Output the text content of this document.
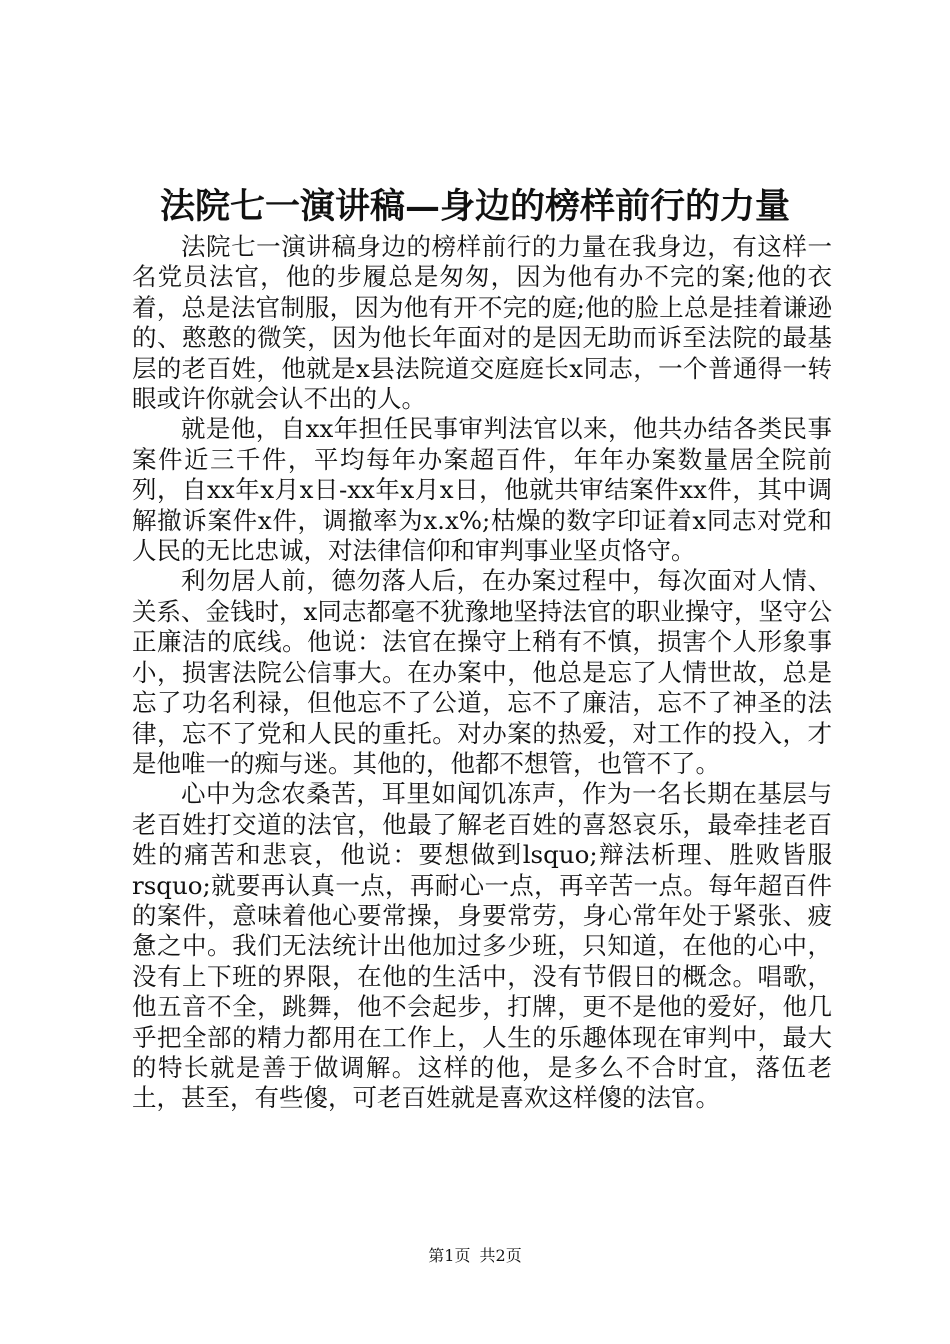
法院七一演讲稿—身边的榜样前行的力量

法院七一演讲稿身边的榜样前行的力量在我身边，有这样一名党员法官，他的步履总是匆匆，因为他有办不完的案;他的衣着，总是法官制服，因为他有开不完的庭;他的脸上总是挂着谦逊的、憨憨的微笑，因为他长年面对的是因无助而诉至法院的最基层的老百姓，他就是x县法院道交庭庭长x同志，一个普通得一转眼或许你就会认不出的人。

就是他，自xx年担任民事审判法官以来，他共办结各类民事案件近三千件，平均每年办案超百件，年年办案数量居全院前列，自xx年x月x日-xx年x月x日，他就共审结案件xx件，其中调解撤诉案件x件，调撤率为x.x%;枯燥的数字印证着x同志对党和人民的无比忠诚，对法律信仰和审判事业坚贞恪守。

利勿居人前，德勿落人后，在办案过程中，每次面对人情、关系、金钱时，x同志都毫不犹豫地坚持法官的职业操守，坚守公正廉洁的底线。他说：法官在操守上稍有不慎，损害个人形象事小，损害法院公信事大。在办案中，他总是忘了人情世故，总是忘了功名利禄，但他忘不了公道，忘不了廉洁，忘不了神圣的法律，忘不了党和人民的重托。对办案的热爱，对工作的投入，才是他唯一的痴与迷。其他的，他都不想管，也管不了。

心中为念农桑苦，耳里如闻饥冻声，作为一名长期在基层与老百姓打交道的法官，他最了解老百姓的喜怒哀乐，最牵挂老百姓的痛苦和悲哀，他说：要想做到lsquo;辩法析理、胜败皆服rsquo;就要再认真一点，再耐心一点，再辛苦一点。每年超百件的案件，意味着他心要常操，身要常劳，身心常年处于紧张、疲惫之中。我们无法统计出他加过多少班，只知道，在他的心中，没有上下班的界限，在他的生活中，没有节假日的概念。唱歌，他五音不全，跳舞，他不会起步，打牌，更不是他的爱好，他几乎把全部的精力都用在工作上，人生的乐趣体现在审判中，最大的特长就是善于做调解。这样的他，是多么不合时宜，落伍老土，甚至，有些傻，可老百姓就是喜欢这样傻的法官。

第1页 共2页
